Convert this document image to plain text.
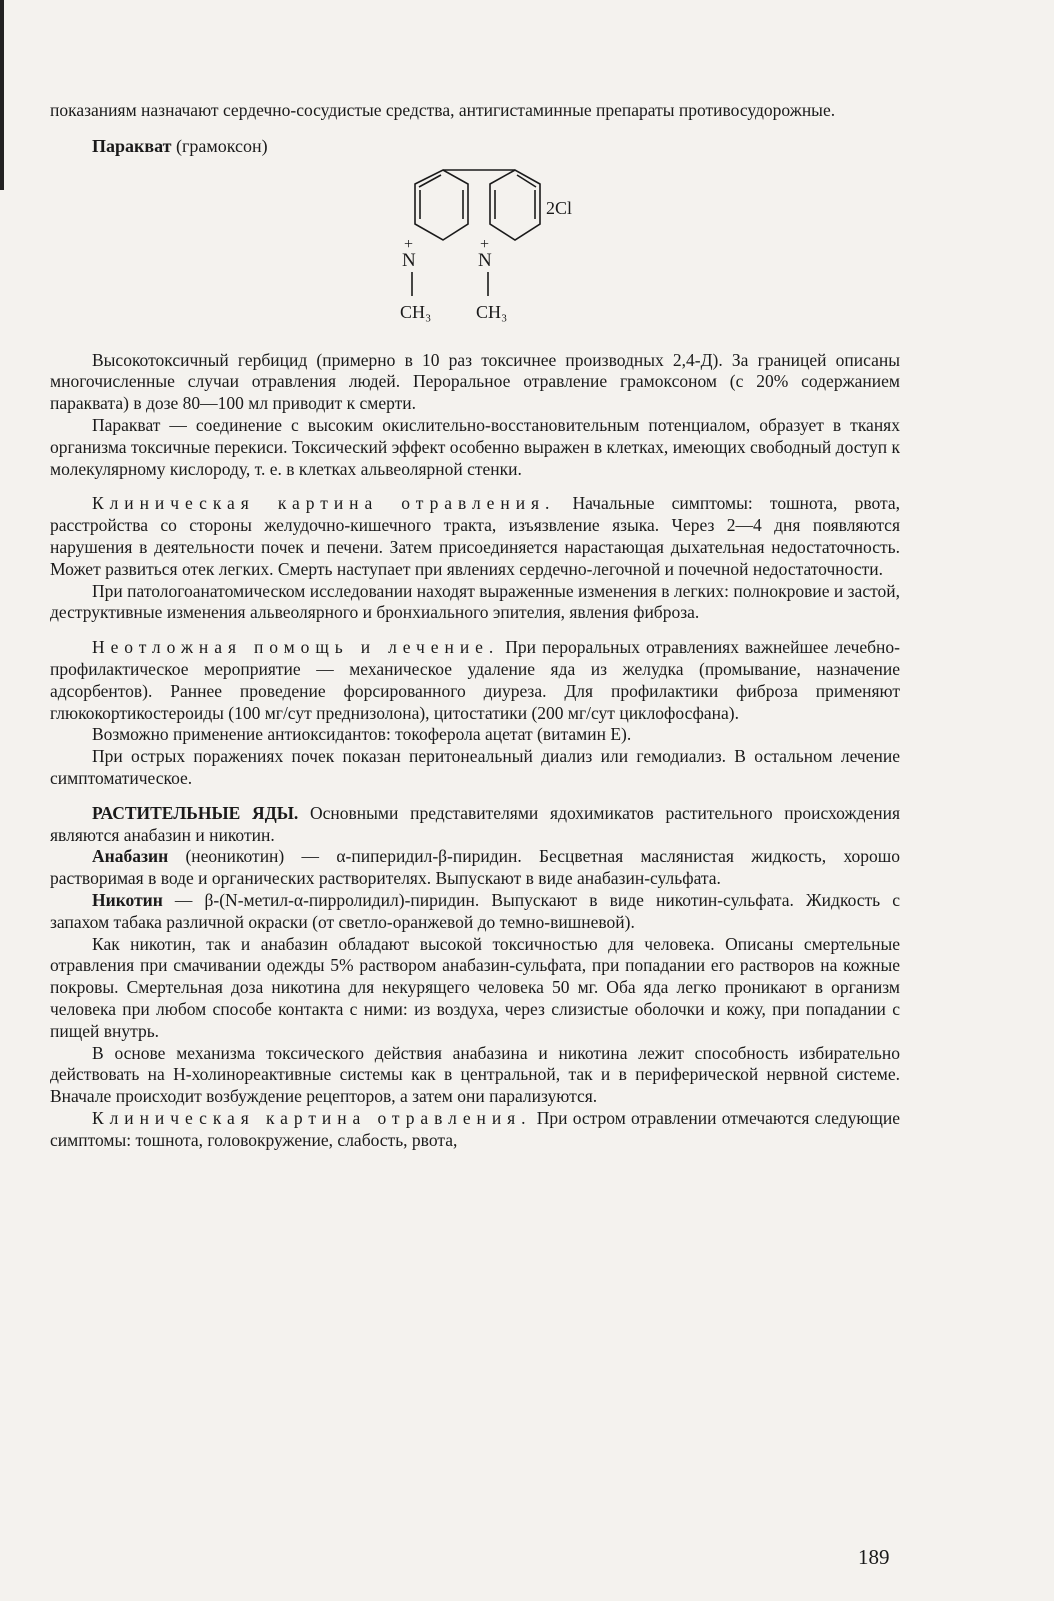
показаниям назначают сердечно-сосудистые средства, антигистаминные препараты противосудорожные.

Паракват (грамоксон)

+	+
N	N
2Cl
CH₃ CH₃

Высокотоксичный гербицид (примерно в 10 раз токсичнее производных 2,4-Д). За границей описаны многочисленные случаи отравления людей. Пероральное отравление грамоксоном (с 20% содержанием параквата) в дозе 80—100 мл приводит к смерти.

Паракват — соединение с высоким окислительно-восстановительным потенциалом, образует в тканях организма токсичные перекиси. Токсический эффект особенно выражен в клетках, имеющих свободный доступ к молекулярному кислороду, т. е. в клетках альвеолярной стенки.

Клиническая картина отравления. Начальные симптомы: тошнота, рвота, расстройства со стороны желудочно-кишечного тракта, изъязвление языка. Через 2—4 дня появляются нарушения в деятельности почек и печени. Затем присоединяется нарастающая дыхательная недостаточность. Может развиться отек легких. Смерть наступает при явлениях сердечно-легочной и почечной недостаточности.

При патологоанатомическом исследовании находят выраженные изменения в легких: полнокровие и застой, деструктивные изменения альвеолярного и бронхиального эпителия, явления фиброза.

Неотложная помощь и лечение. При пероральных отравлениях важнейшее лечебно-профилактическое мероприятие — механическое удаление яда из желудка (промывание, назначение адсорбентов). Раннее проведение форсированного диуреза. Для профилактики фиброза применяют глюкокортикостероиды (100 мг/сут преднизолона), цитостатики (200 мг/сут циклофосфана).

Возможно применение антиоксидантов: токоферола ацетат (витамин Е).

При острых поражениях почек показан перитонеальный диализ или гемодиализ. В остальном лечение симптоматическое.

РАСТИТЕЛЬНЫЕ ЯДЫ. Основными представителями ядохимикатов растительного происхождения являются анабазин и никотин.

Анабазин (неоникотин) — α-пиперидил-β-пиридин. Бесцветная маслянистая жидкость, хорошо растворимая в воде и органических растворителях. Выпускают в виде анабазин-сульфата.

Никотин — β-(N-метил-α-пирролидил)-пиридин. Выпускают в виде никотин-сульфата. Жидкость с запахом табака различной окраски (от светло-оранжевой до темно-вишневой).

Как никотин, так и анабазин обладают высокой токсичностью для человека. Описаны смертельные отравления при смачивании одежды 5% раствором анабазин-сульфата, при попадании его растворов на кожные покровы. Смертельная доза никотина для некурящего человека 50 мг. Оба яда легко проникают в организм человека при любом способе контакта с ними: из воздуха, через слизистые оболочки и кожу, при попадании с пищей внутрь.

В основе механизма токсического действия анабазина и никотина лежит способность избирательно действовать на Н-холинореактивные системы как в центральной, так и в периферической нервной системе. Вначале происходит возбуждение рецепторов, а затем они парализуются.

Клиническая картина отравления. При остром отравлении отмечаются следующие симптомы: тошнота, головокружение, слабость, рвота,

189
